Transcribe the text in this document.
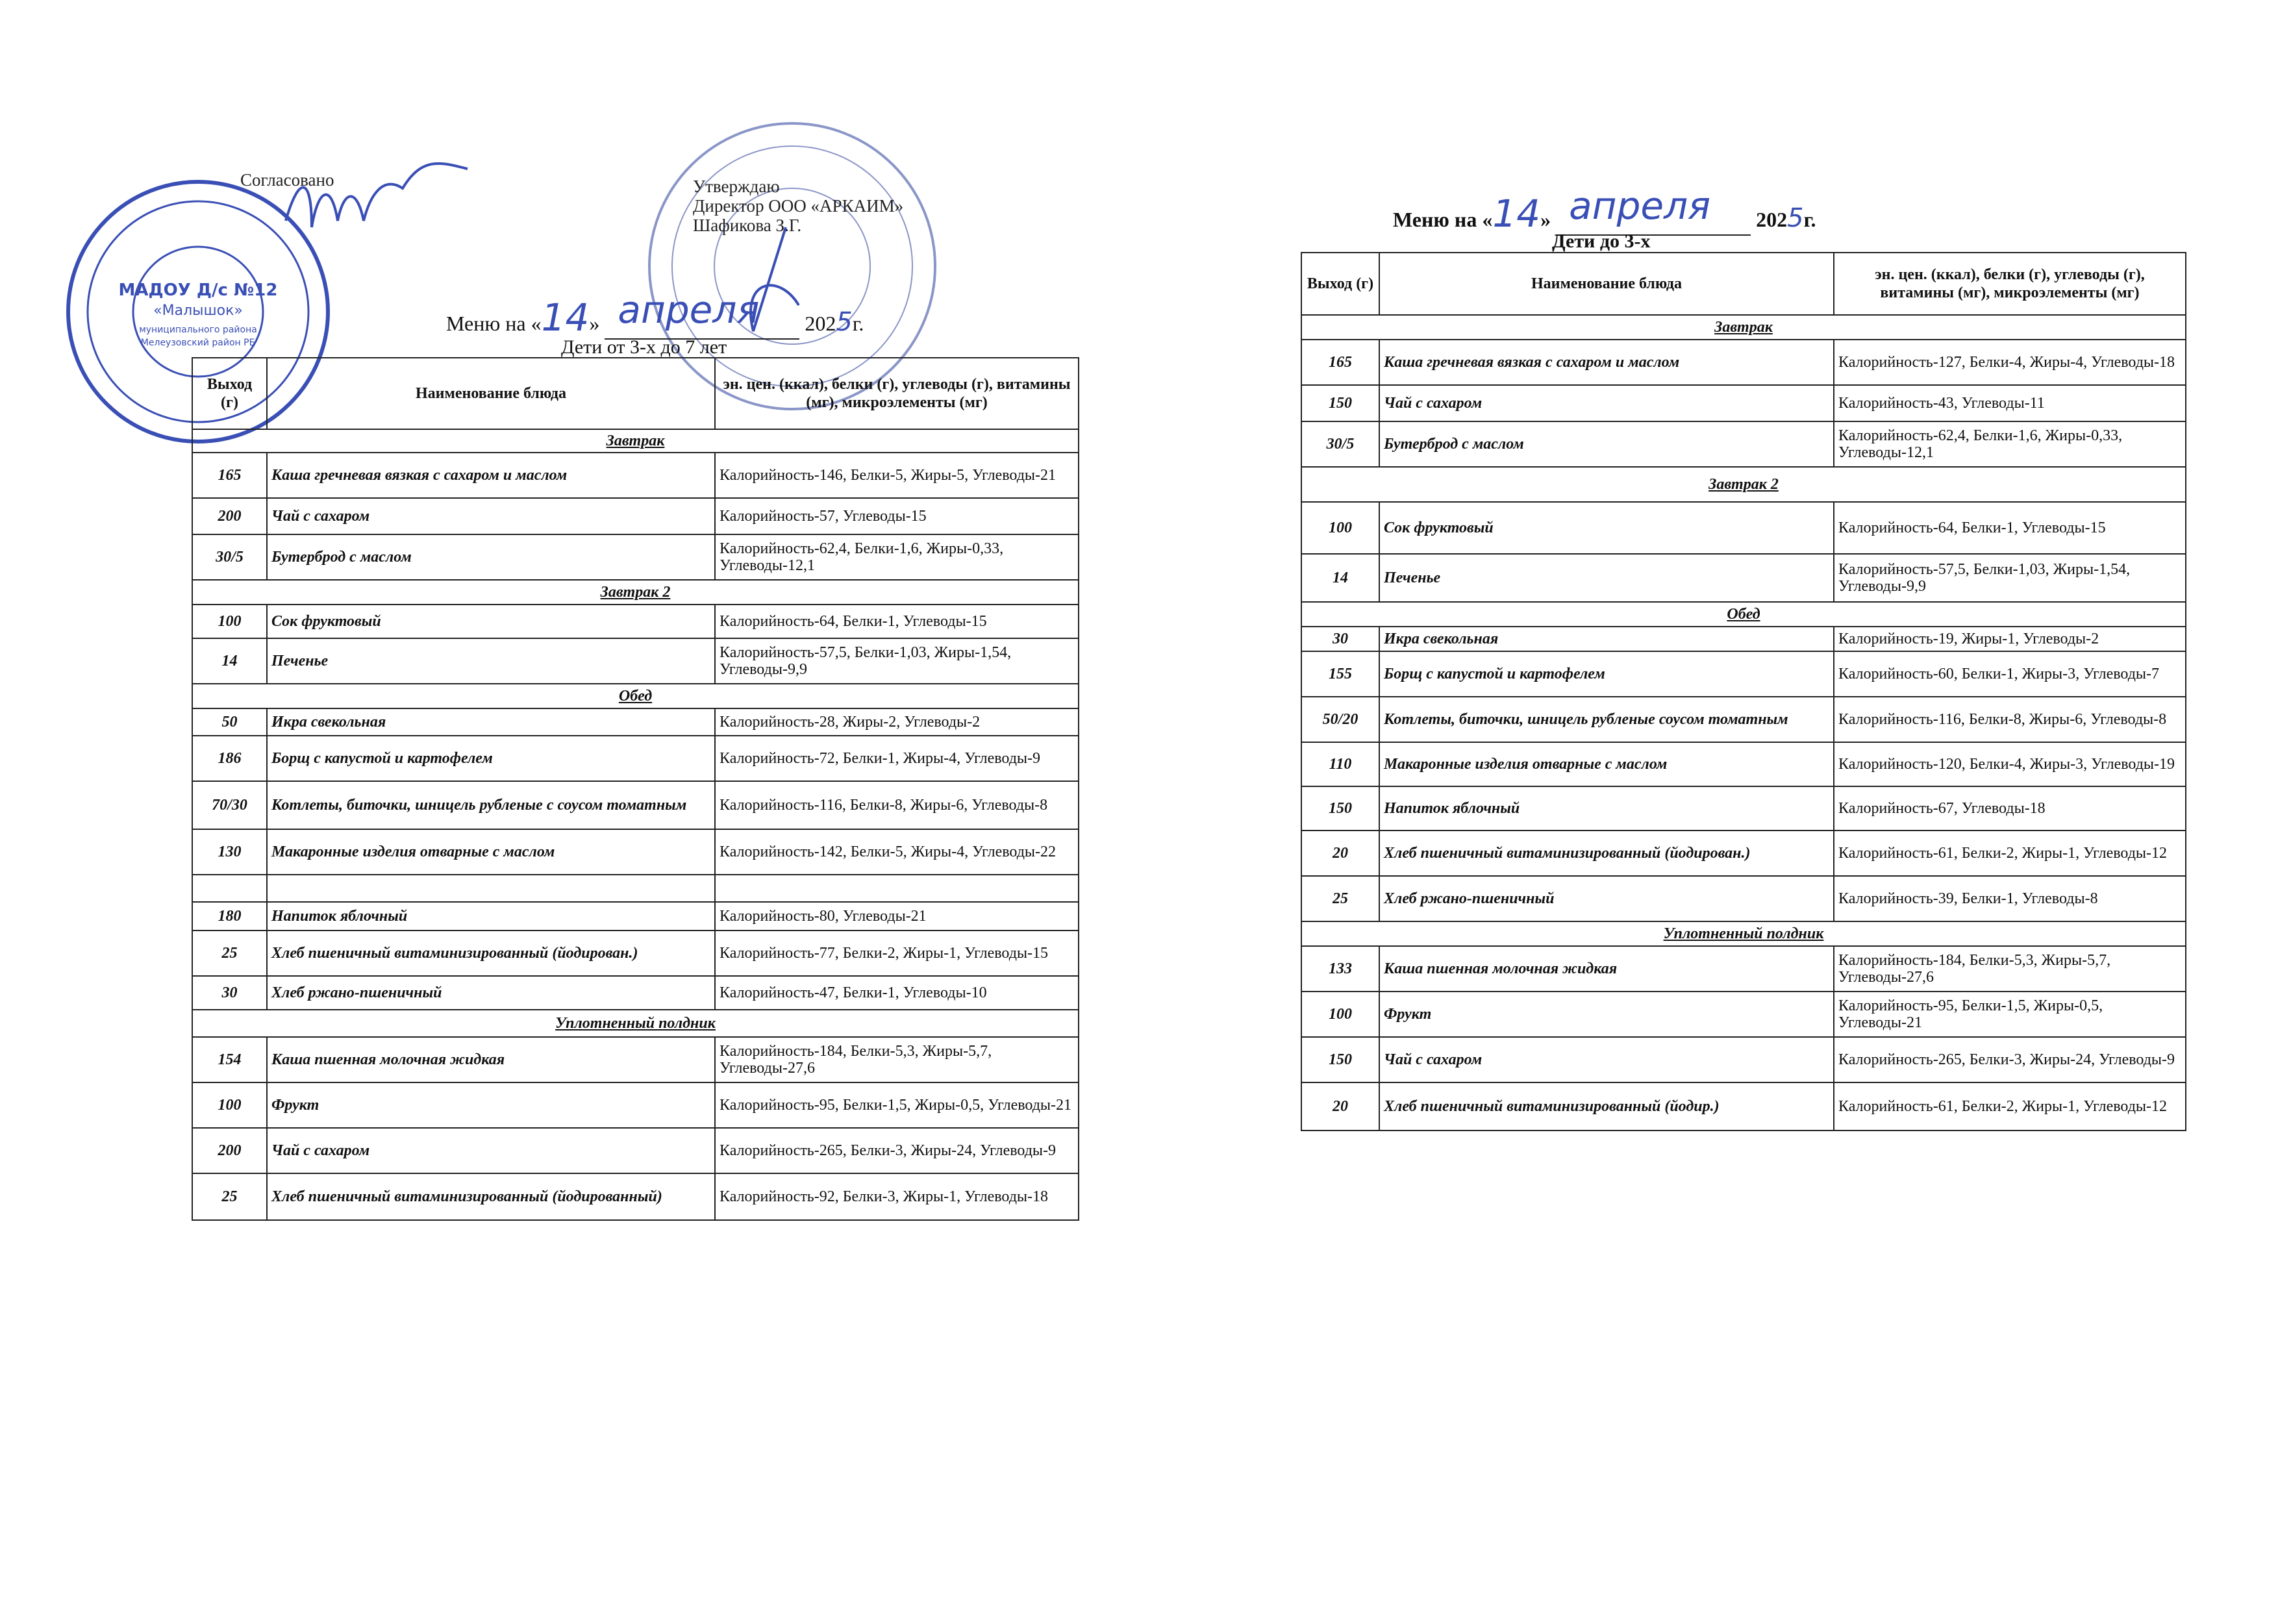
МАДОУ Д/с №12
«Малышок»
муниципального района
Мелеузовский район РБ
Согласовано	Утверждаю
Директор ООО «АРКАИМ»
Шафикова З.Г.
Меню на «14» апреля 2025г.
Дети от 3-х до 7 лет
Меню на «14» апреля 2025г.
Дети до 3-х
Выход (г)	Наименование блюда	эн. цен. (ккал), белки (г), углеводы (г), витамины (мг), микроэлементы (мг)
Завтрак		
165	Каша гречневая вязкая с сахаром и маслом	Калорийность-146, Белки-5, Жиры-5, Углеводы-21
200	Чай с сахаром	Калорийность-57, Углеводы-15
30/5	Бутерброд с маслом	Калорийность-62,4, Белки-1,6, Жиры-0,33, Углеводы-12,1
Завтрак 2		
100	Сок фруктовый	Калорийность-64, Белки-1, Углеводы-15
14	Печенье	Калорийность-57,5, Белки-1,03, Жиры-1,54, Углеводы-9,9
Обед		
50	Икра свекольная	Калорийность-28, Жиры-2, Углеводы-2
186	Борщ с капустой и картофелем	Калорийность-72, Белки-1, Жиры-4, Углеводы-9
70/30	Котлеты, биточки, шницель рубленые с соусом томатным	Калорийность-116, Белки-8, Жиры-6, Углеводы-8
130	Макаронные изделия отварные с маслом	Калорийность-142, Белки-5, Жиры-4, Углеводы-22

180	Напиток яблочный	Калорийность-80, Углеводы-21
25	Хлеб пшеничный витаминизированный (йодирован.)	Калорийность-77, Белки-2, Жиры-1, Углеводы-15
30	Хлеб ржано-пшеничный	Калорийность-47, Белки-1, Углеводы-10
Уплотненный полдник		
154	Каша пшенная молочная жидкая	Калорийность-184, Белки-5,3, Жиры-5,7, Углеводы-27,6
100	Фрукт	Калорийность-95, Белки-1,5, Жиры-0,5, Углеводы-21
200	Чай с сахаром	Калорийность-265, Белки-3, Жиры-24, Углеводы-9
25	Хлеб пшеничный витаминизированный (йодированный)	Калорийность-92, Белки-3, Жиры-1, Углеводы-18
Выход (г)	Наименование блюда	эн. цен. (ккал), белки (г), углеводы (г), витамины (мг), микроэлементы (мг)
Завтрак		
165	Каша гречневая вязкая с сахаром и маслом	Калорийность-127, Белки-4, Жиры-4, Углеводы-18
150	Чай с сахаром	Калорийность-43, Углеводы-11
30/5	Бутерброд с маслом	Калорийность-62,4, Белки-1,6, Жиры-0,33, Углеводы-12,1
Завтрак 2		
100	Сок фруктовый	Калорийность-64, Белки-1, Углеводы-15
14	Печенье	Калорийность-57,5, Белки-1,03, Жиры-1,54, Углеводы-9,9
Обед		
30	Икра свекольная	Калорийность-19, Жиры-1, Углеводы-2
155	Борщ с капустой и картофелем	Калорийность-60, Белки-1, Жиры-3, Углеводы-7
50/20	Котлеты, биточки, шницель рубленые соусом томатным	Калорийность-116, Белки-8, Жиры-6, Углеводы-8
110	Макаронные изделия отварные с маслом	Калорийность-120, Белки-4, Жиры-3, Углеводы-19
150	Напиток яблочный	Калорийность-67, Углеводы-18
20	Хлеб пшеничный витаминизированный (йодирован.)	Калорийность-61, Белки-2, Жиры-1, Углеводы-12
25	Хлеб ржано-пшеничный	Калорийность-39, Белки-1, Углеводы-8
Уплотненный полдник		
133	Каша пшенная молочная жидкая	Калорийность-184, Белки-5,3, Жиры-5,7, Углеводы-27,6
100	Фрукт	Калорийность-95, Белки-1,5, Жиры-0,5, Углеводы-21
150	Чай с сахаром	Калорийность-265, Белки-3, Жиры-24, Углеводы-9
20	Хлеб пшеничный витаминизированный (йодир.)	Калорийность-61, Белки-2, Жиры-1, Углеводы-12
